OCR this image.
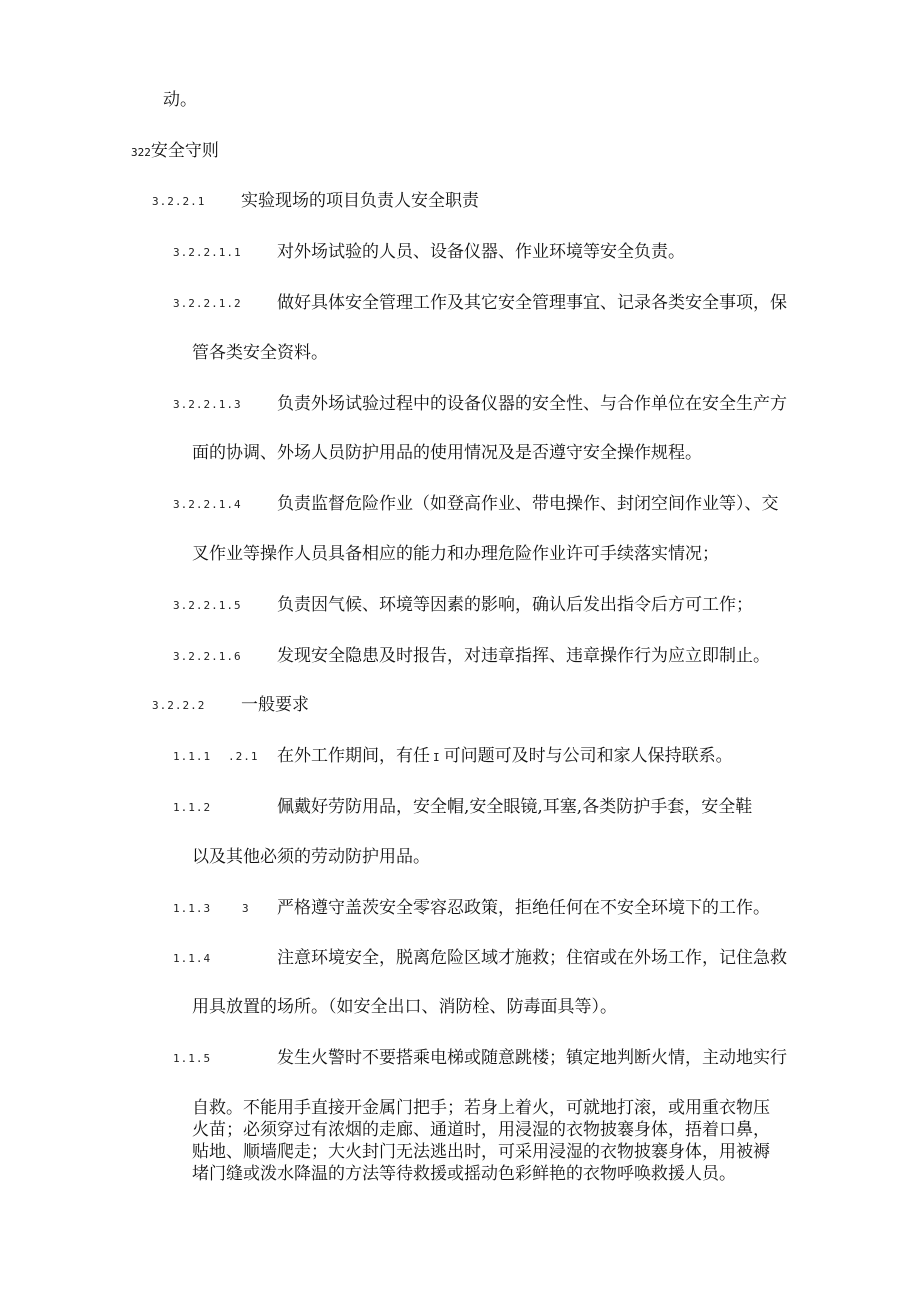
动。
322安全守则
3.2.2.1 实验现场的项目负责人安全职责
3.2.2.1.1 对外场试验的人员、设备仪器、作业环境等安全负责。
3.2.2.1.2 做好具体安全管理工作及其它安全管理事宜、记录各类安全事项，保
管各类安全资料。
3.2.2.1.3 负责外场试验过程中的设备仪器的安全性、与合作单位在安全生产方
面的协调、外场人员防护用品的使用情况及是否遵守安全操作规程。
3.2.2.1.4 负责监督危险作业（如登高作业、带电操作、封闭空间作业等）、交
叉作业等操作人员具备相应的能力和办理危险作业许可手续落实情况；
3.2.2.1.5 负责因气候、环境等因素的影响，确认后发出指令后方可工作；
3.2.2.1.6 发现安全隐患及时报告，对违章指挥、违章操作行为应立即制止。
3.2.2.2 一般要求
1.1.1 .2.1 在外工作期间，有任 I 可问题可及时与公司和家人保持联系。
1.1.2	佩戴好劳防用品，安全帽,安全眼镜,耳塞,各类防护手套，安全鞋
以及其他必须的劳动防护用品。
1.1.3	3 严格遵守盖茨安全零容忍政策，拒绝任何在不安全环境下的工作。
1.1.4	注意环境安全，脱离危险区域才施救；住宿或在外场工作，记住急救
用具放置的场所。（如安全出口、消防栓、防毒面具等）。
1.1.5	发生火警时不要搭乘电梯或随意跳楼；镇定地判断火情，主动地实行
自救。不能用手直接开金属门把手；若身上着火，可就地打滚，或用重衣物压
火苗；必须穿过有浓烟的走廊、通道时，用浸湿的衣物披褰身体，捂着口鼻，
贴地、顺墙爬走；大火封门无法逃出时，可采用浸湿的衣物披褰身体，用被褥
堵门缝或泼水降温的方法等待救援或摇动色彩鲜艳的衣物呼唤救援人员。
